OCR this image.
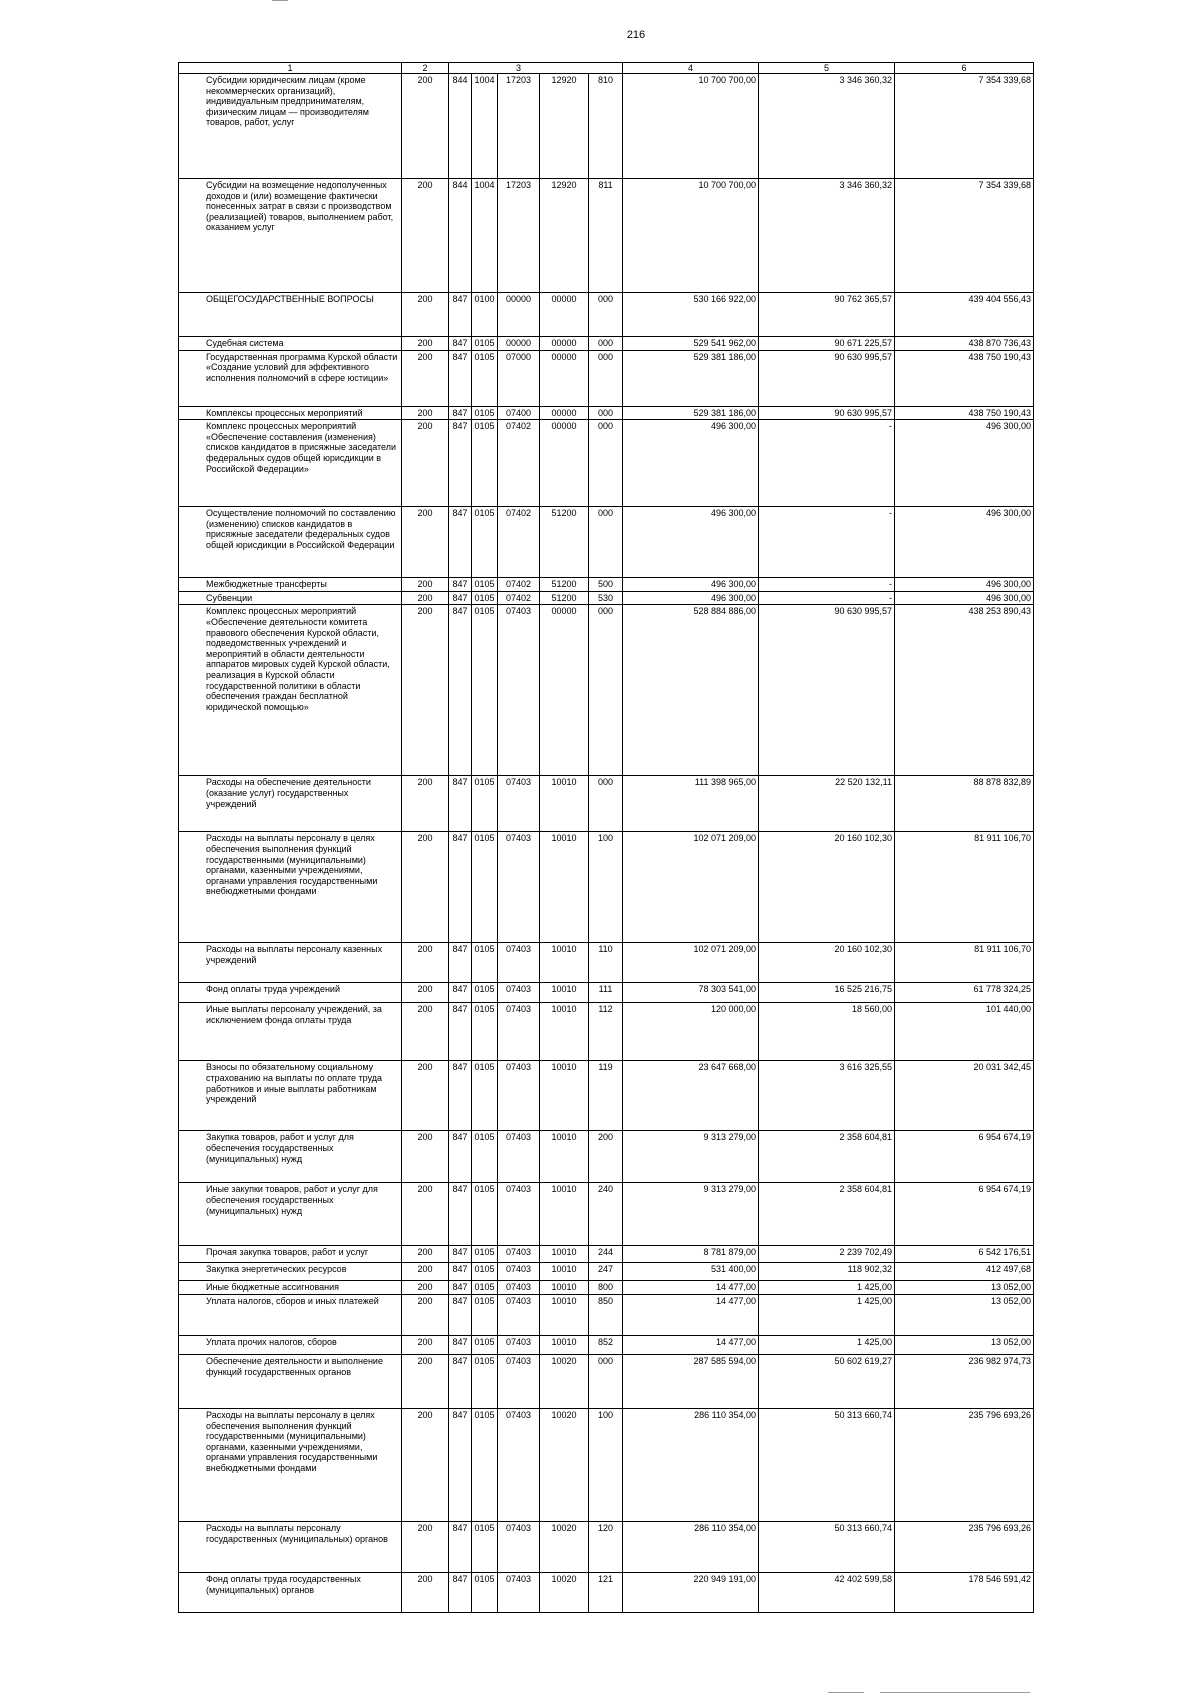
216
1	2			3			4	5	6
Субсидии юридическим лицам (кроме некоммерческих организаций), индивидуальным предпринимателям, физическим лицам — производителям товаров, работ, услуг	200	844	1004	17203	12920	810	10 700 700,00	3 346 360,32	7 354 339,68
Субсидии на возмещение недополученных доходов и (или) возмещение фактически понесенных затрат в связи с производством (реализацией) товаров, выполнением работ, оказанием услуг	200	844	1004	17203	12920	811	10 700 700,00	3 346 360,32	7 354 339,68
ОБЩЕГОСУДАРСТВЕННЫЕ ВОПРОСЫ	200	847	0100	00000	00000	000	530 166 922,00	90 762 365,57	439 404 556,43
Судебная система	200	847	0105	00000	00000	000	529 541 962,00	90 671 225,57	438 870 736,43
Государственная программа Курской области «Создание условий для эффективного исполнения полномочий в сфере юстиции»	200	847	0105	07000	00000	000	529 381 186,00	90 630 995,57	438 750 190,43
Комплексы процессных мероприятий	200	847	0105	07400	00000	000	529 381 186,00	90 630 995,57	438 750 190,43
Комплекс процессных мероприятий «Обеспечение составления (изменения) списков кандидатов в присяжные заседатели федеральных судов общей юрисдикции в Российской Федерации»	200	847	0105	07402	00000	000	496 300,00	-	496 300,00
Осуществление полномочий по составлению (изменению) списков кандидатов в присяжные заседатели федеральных судов общей юрисдикции в Российской Федерации	200	847	0105	07402	51200	000	496 300,00	-	496 300,00
Межбюджетные трансферты	200	847	0105	07402	51200	500	496 300,00	-	496 300,00
Субвенции	200	847	0105	07402	51200	530	496 300,00	-	496 300,00
Комплекс процессных мероприятий «Обеспечение деятельности комитета правового обеспечения Курской области, подведомственных учреждений и мероприятий в области деятельности аппаратов мировых судей Курской области, реализация в Курской области государственной политики в области обеспечения граждан бесплатной юридической помощью»	200	847	0105	07403	00000	000	528 884 886,00	90 630 995,57	438 253 890,43
Расходы на обеспечение деятельности (оказание услуг) государственных учреждений	200	847	0105	07403	10010	000	111 398 965,00	22 520 132,11	88 878 832,89
Расходы на выплаты персоналу в целях обеспечения выполнения функций государственными (муниципальными) органами, казенными учреждениями, органами управления государственными внебюджетными фондами	200	847	0105	07403	10010	100	102 071 209,00	20 160 102,30	81 911 106,70
Расходы на выплаты персоналу казенных учреждений	200	847	0105	07403	10010	110	102 071 209,00	20 160 102,30	81 911 106,70
Фонд оплаты труда учреждений	200	847	0105	07403	10010	111	78 303 541,00	16 525 216,75	61 778 324,25
Иные выплаты персоналу учреждений, за исключением фонда оплаты труда	200	847	0105	07403	10010	112	120 000,00	18 560,00	101 440,00
Взносы по обязательному социальному страхованию на выплаты по оплате труда работников и иные выплаты работникам учреждений	200	847	0105	07403	10010	119	23 647 668,00	3 616 325,55	20 031 342,45
Закупка товаров, работ и услуг для обеспечения государственных (муниципальных) нужд	200	847	0105	07403	10010	200	9 313 279,00	2 358 604,81	6 954 674,19
Иные закупки товаров, работ и услуг для обеспечения государственных (муниципальных) нужд	200	847	0105	07403	10010	240	9 313 279,00	2 358 604,81	6 954 674,19
Прочая закупка товаров, работ и услуг	200	847	0105	07403	10010	244	8 781 879,00	2 239 702,49	6 542 176,51
Закупка энергетических ресурсов	200	847	0105	07403	10010	247	531 400,00	118 902,32	412 497,68
Иные бюджетные ассигнования	200	847	0105	07403	10010	800	14 477,00	1 425,00	13 052,00
Уплата налогов, сборов и иных платежей	200	847	0105	07403	10010	850	14 477,00	1 425,00	13 052,00
Уплата прочих налогов, сборов	200	847	0105	07403	10010	852	14 477,00	1 425,00	13 052,00
Обеспечение деятельности и выполнение функций государственных органов	200	847	0105	07403	10020	000	287 585 594,00	50 602 619,27	236 982 974,73
Расходы на выплаты персоналу в целях обеспечения выполнения функций государственными (муниципальными) органами, казенными учреждениями, органами управления государственными внебюджетными фондами	200	847	0105	07403	10020	100	286 110 354,00	50 313 660,74	235 796 693,26
Расходы на выплаты персоналу государственных (муниципальных) органов	200	847	0105	07403	10020	120	286 110 354,00	50 313 660,74	235 796 693,26
Фонд оплаты труда государственных (муниципальных) органов	200	847	0105	07403	10020	121	220 949 191,00	42 402 599,58	178 546 591,42
